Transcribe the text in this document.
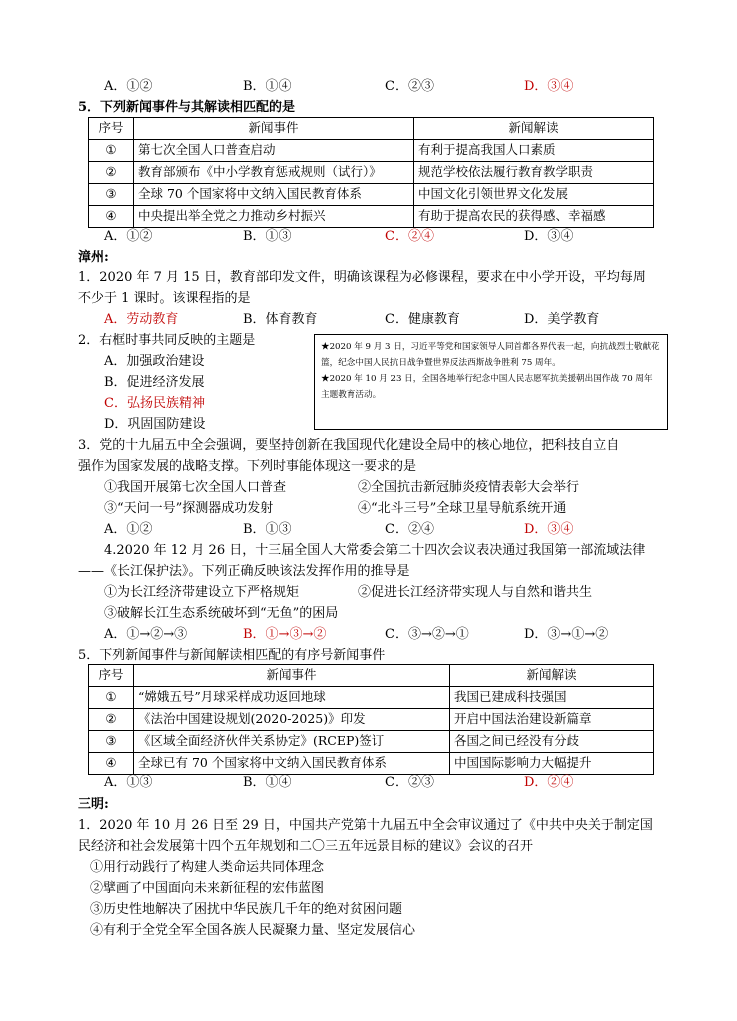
A．①②	B．①④	C．②③	D．③④
5．下列新闻事件与其解读相匹配的是
序号	新闻事件	新闻解读
①	第七次全国人口普查启动	有利于提高我国人口素质
②	教育部颁布《中小学教育惩戒规则（试行）》	规范学校依法履行教育教学职责
③	全球 70 个国家将中文纳入国民教育体系	中国文化引领世界文化发展
④	中央提出举全党之力推动乡村振兴	有助于提高农民的获得感、幸福感
A．①②	B．①③	C．②④	D．③④
漳州:
1．2020 年 7 月 15 日，教育部印发文件，明确该课程为必修课程，要求在中小学开设，平均每周
不少于 1 课时。该课程指的是
A．劳动教育	B．体育教育	C．健康教育	D．美学教育
2．右框时事共同反映的主题是
A．加强政治建设
B．促进经济发展
C．弘扬民族精神
D．巩固国防建设

★2020 年 9 月 3 日，习近平等党和国家领导人同首都各界代表一起，向抗战烈士敬献花篮，纪念中国人民抗日战争暨世界反法西斯战争胜利 75 周年。

★2020 年 10 月 23 日，全国各地举行纪念中国人民志愿军抗美援朝出国作战 70 周年主题教育活动。

3．党的十九届五中全会强调，要坚持创新在我国现代化建设全局中的核心地位，把科技自立自
强作为国家发展的战略支撑。下列时事能体现这一要求的是
①我国开展第七次全国人口普查	②全国抗击新冠肺炎疫情表彰大会举行
③“天问一号”探测器成功发射	④“北斗三号”全球卫星导航系统开通
A．①②	B．①③	C．②④	D．③④
4.2020 年 12 月 26 日，十三届全国人大常委会第二十四次会议表决通过我国第一部流域法律
——《长江保护法》。下列正确反映该法发挥作用的推导是
①为长江经济带建设立下严格规矩	②促进长江经济带实现人与自然和谐共生
③破解长江生态系统破坏到“无鱼”的困局
A．①→②→③	B．①→③→②	C．③→②→①	D．③→①→②
5．下列新闻事件与新闻解读相匹配的有序号新闻事件
序号	新闻事件	新闻解读
①	“嫦娥五号”月球采样成功返回地球	我国已建成科技强国
②	《法治中国建设规划(2020-2025)》印发	开启中国法治建设新篇章
③	《区域全面经济伙伴关系协定》(RCEP)签订	各国之间已经没有分歧
④	全球已有 70 个国家将中文纳入国民教育体系	中国国际影响力大幅提升
A．①③	B．①④	C．②③	D．②④
三明:
1．2020 年 10 月 26 日至 29 日，中国共产党第十九届五中全会审议通过了《中共中央关于制定国
民经济和社会发展第十四个五年规划和二〇三五年远景目标的建议》会议的召开
①用行动践行了构建人类命运共同体理念
②擘画了中国面向未来新征程的宏伟蓝图
③历史性地解决了困扰中华民族几千年的绝对贫困问题
④有利于全党全军全国各族人民凝聚力量、坚定发展信心
